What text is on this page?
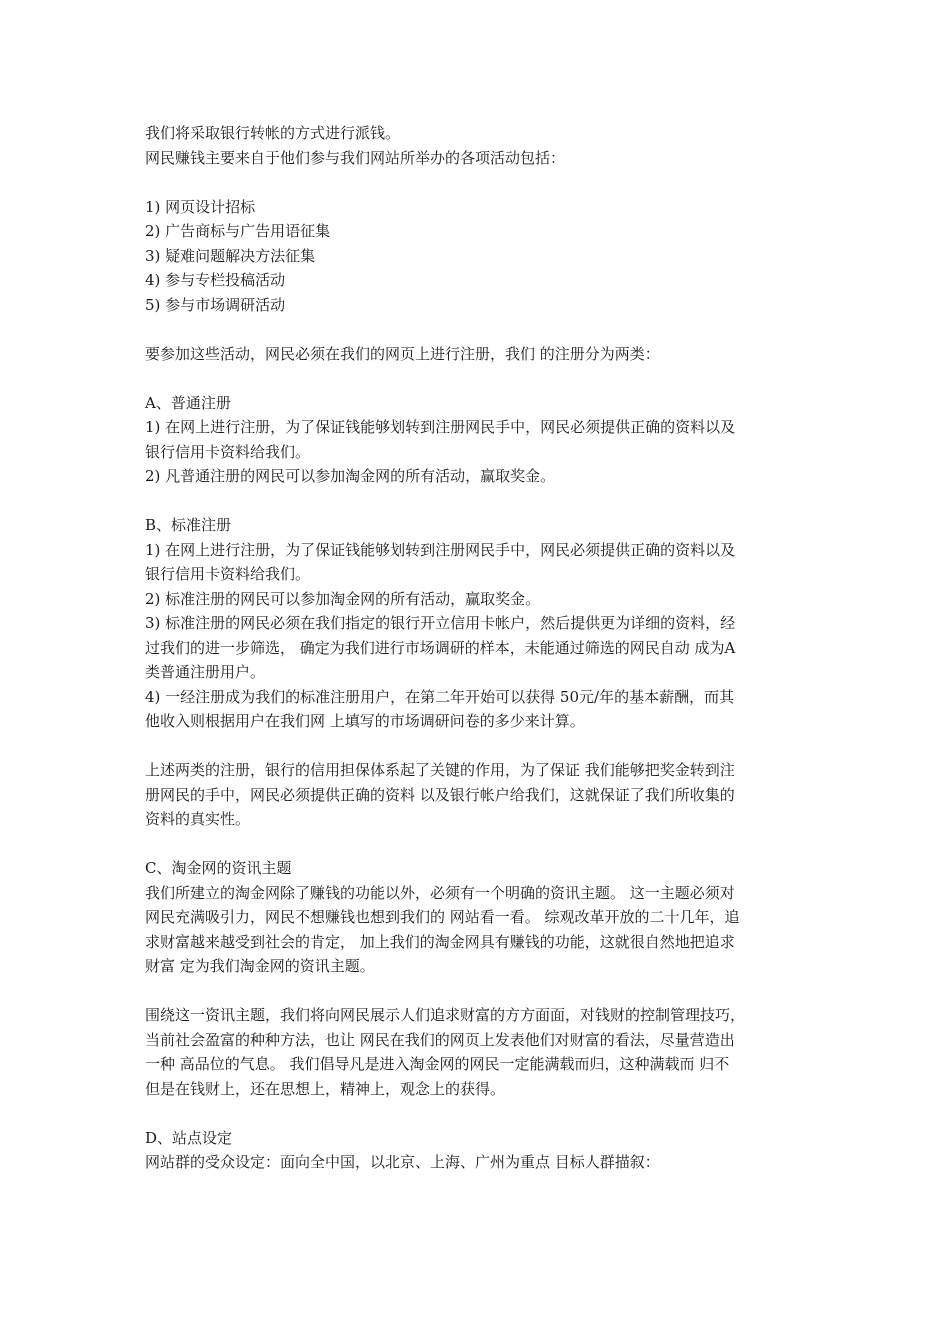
我们将采取银行转帐的方式进行派钱。
网民赚钱主要来自于他们参与我们网站所举办的各项活动包括：
1) 网页设计招标
2) 广告商标与广告用语征集
3) 疑难问题解决方法征集
4) 参与专栏投稿活动
5) 参与市场调研活动
要参加这些活动，网民必须在我们的网页上进行注册，我们 的注册分为两类：
A、普通注册
1) 在网上进行注册，为了保证钱能够划转到注册网民手中，网民必须提供正确的资料以及
银行信用卡资料给我们。
2) 凡普通注册的网民可以参加淘金网的所有活动，赢取奖金。
B、标准注册
1) 在网上进行注册，为了保证钱能够划转到注册网民手中，网民必须提供正确的资料以及
银行信用卡资料给我们。
2) 标准注册的网民可以参加淘金网的所有活动，赢取奖金。
3) 标准注册的网民必须在我们指定的银行开立信用卡帐户，然后提供更为详细的资料，经
过我们的进一步筛选， 确定为我们进行市场调研的样本，未能通过筛选的网民自动 成为A
类普通注册用户。
4) 一经注册成为我们的标准注册用户，在第二年开始可以获得 50元/年的基本薪酬，而其
他收入则根据用户在我们网 上填写的市场调研问卷的多少来计算。
上述两类的注册，银行的信用担保体系起了关键的作用，为了保证 我们能够把奖金转到注
册网民的手中，网民必须提供正确的资料 以及银行帐户给我们，这就保证了我们所收集的
资料的真实性。
C、淘金网的资讯主题
我们所建立的淘金网除了赚钱的功能以外，必须有一个明确的资讯主题。 这一主题必须对
网民充满吸引力，网民不想赚钱也想到我们的 网站看一看。 综观改革开放的二十几年，追
求财富越来越受到社会的肯定， 加上我们的淘金网具有赚钱的功能，这就很自然地把追求
财富 定为我们淘金网的资讯主题。
围绕这一资讯主题，我们将向网民展示人们追求财富的方方面面，对钱财的控制管理技巧，
当前社会盈富的种种方法，也让 网民在我们的网页上发表他们对财富的看法，尽量营造出
一种 高品位的气息。 我们倡导凡是进入淘金网的网民一定能满载而归，这种满载而 归不
但是在钱财上，还在思想上，精神上，观念上的获得。
D、站点设定
网站群的受众设定：面向全中国，以北京、上海、广州为重点 目标人群描叙：
